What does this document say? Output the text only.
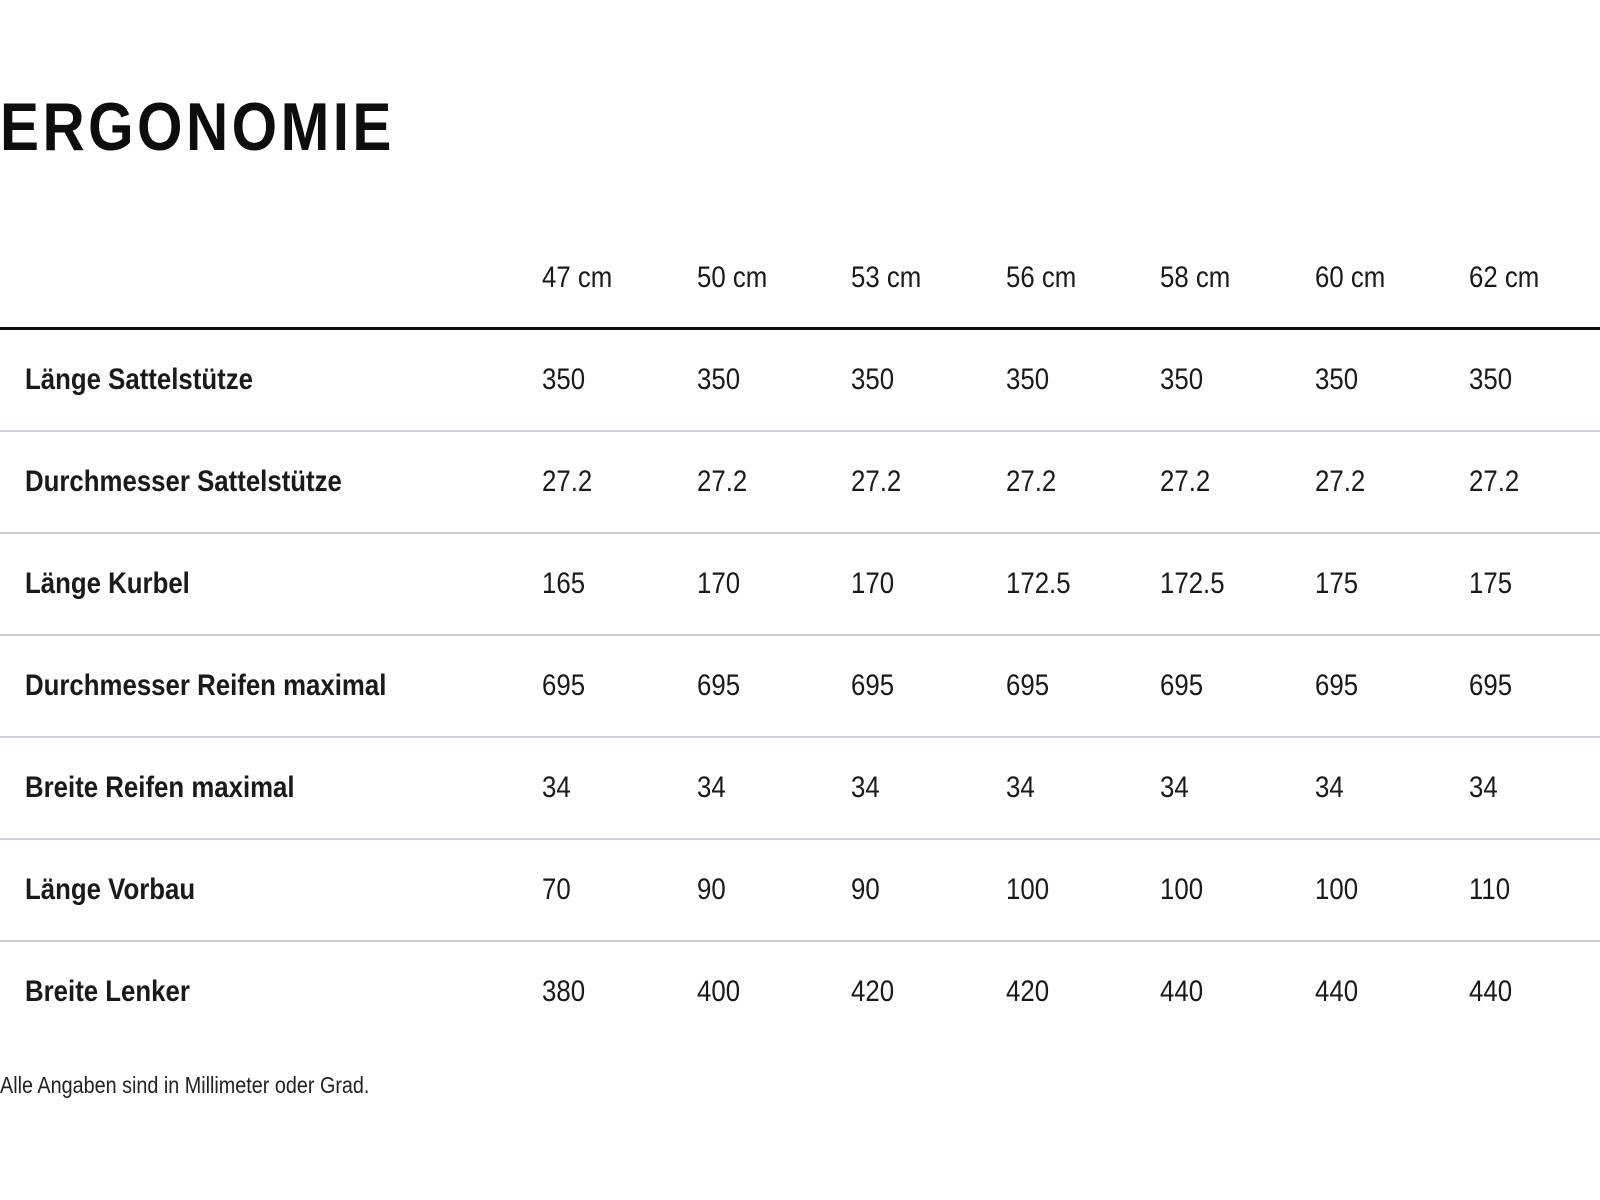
ERGONOMIE
	47 cm	50 cm	53 cm	56 cm	58 cm	60 cm	62 cm
Länge Sattelstütze	350	350	350	350	350	350	350
Durchmesser Sattelstütze	27.2	27.2	27.2	27.2	27.2	27.2	27.2
Länge Kurbel	165	170	170	172.5	172.5	175	175
Durchmesser Reifen maximal	695	695	695	695	695	695	695
Breite Reifen maximal	34	34	34	34	34	34	34
Länge Vorbau	70	90	90	100	100	100	110
Breite Lenker	380	400	420	420	440	440	440
Alle Angaben sind in Millimeter oder Grad.
